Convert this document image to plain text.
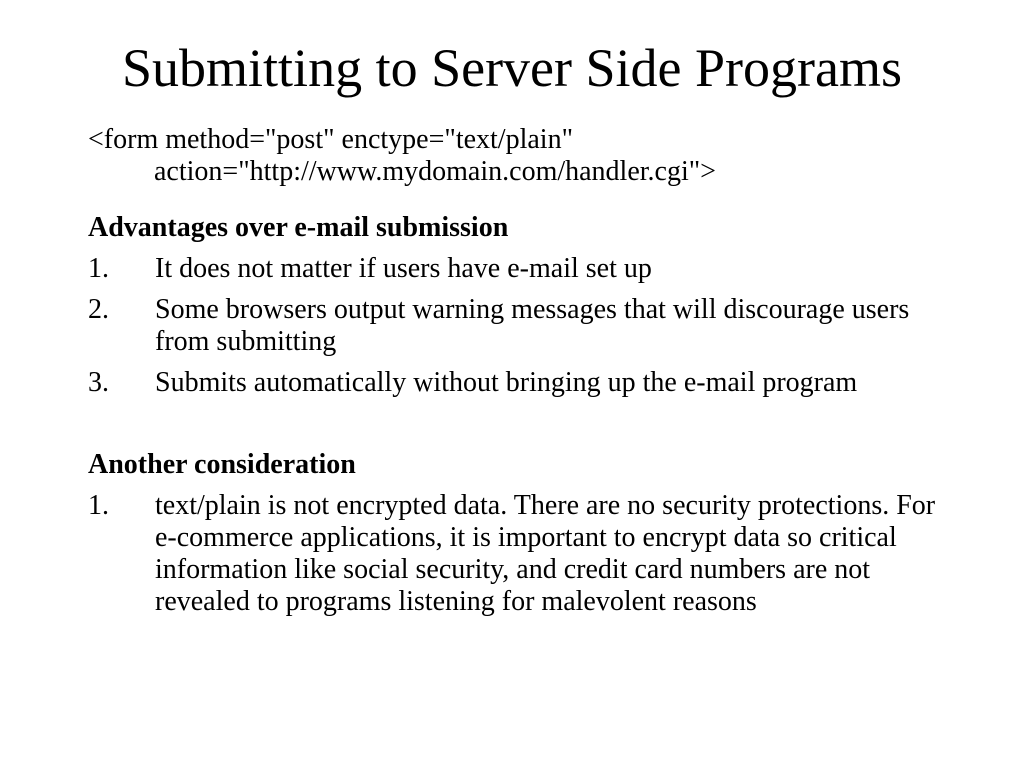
Submitting to Server Side Programs

<form method="post" enctype="text/plain"
action="http://www.mydomain.com/handler.cgi">

Advantages over e-mail submission

1.	It does not matter if users have e-mail set up
2.	Some browsers output warning messages that will discourage users from submitting
3.	Submits automatically without bringing up the e-mail program

Another consideration

1.	text/plain is not encrypted data. There are no security protections. For e-commerce applications, it is important to encrypt data so critical information like social security, and credit card numbers are not revealed to programs listening for malevolent reasons
